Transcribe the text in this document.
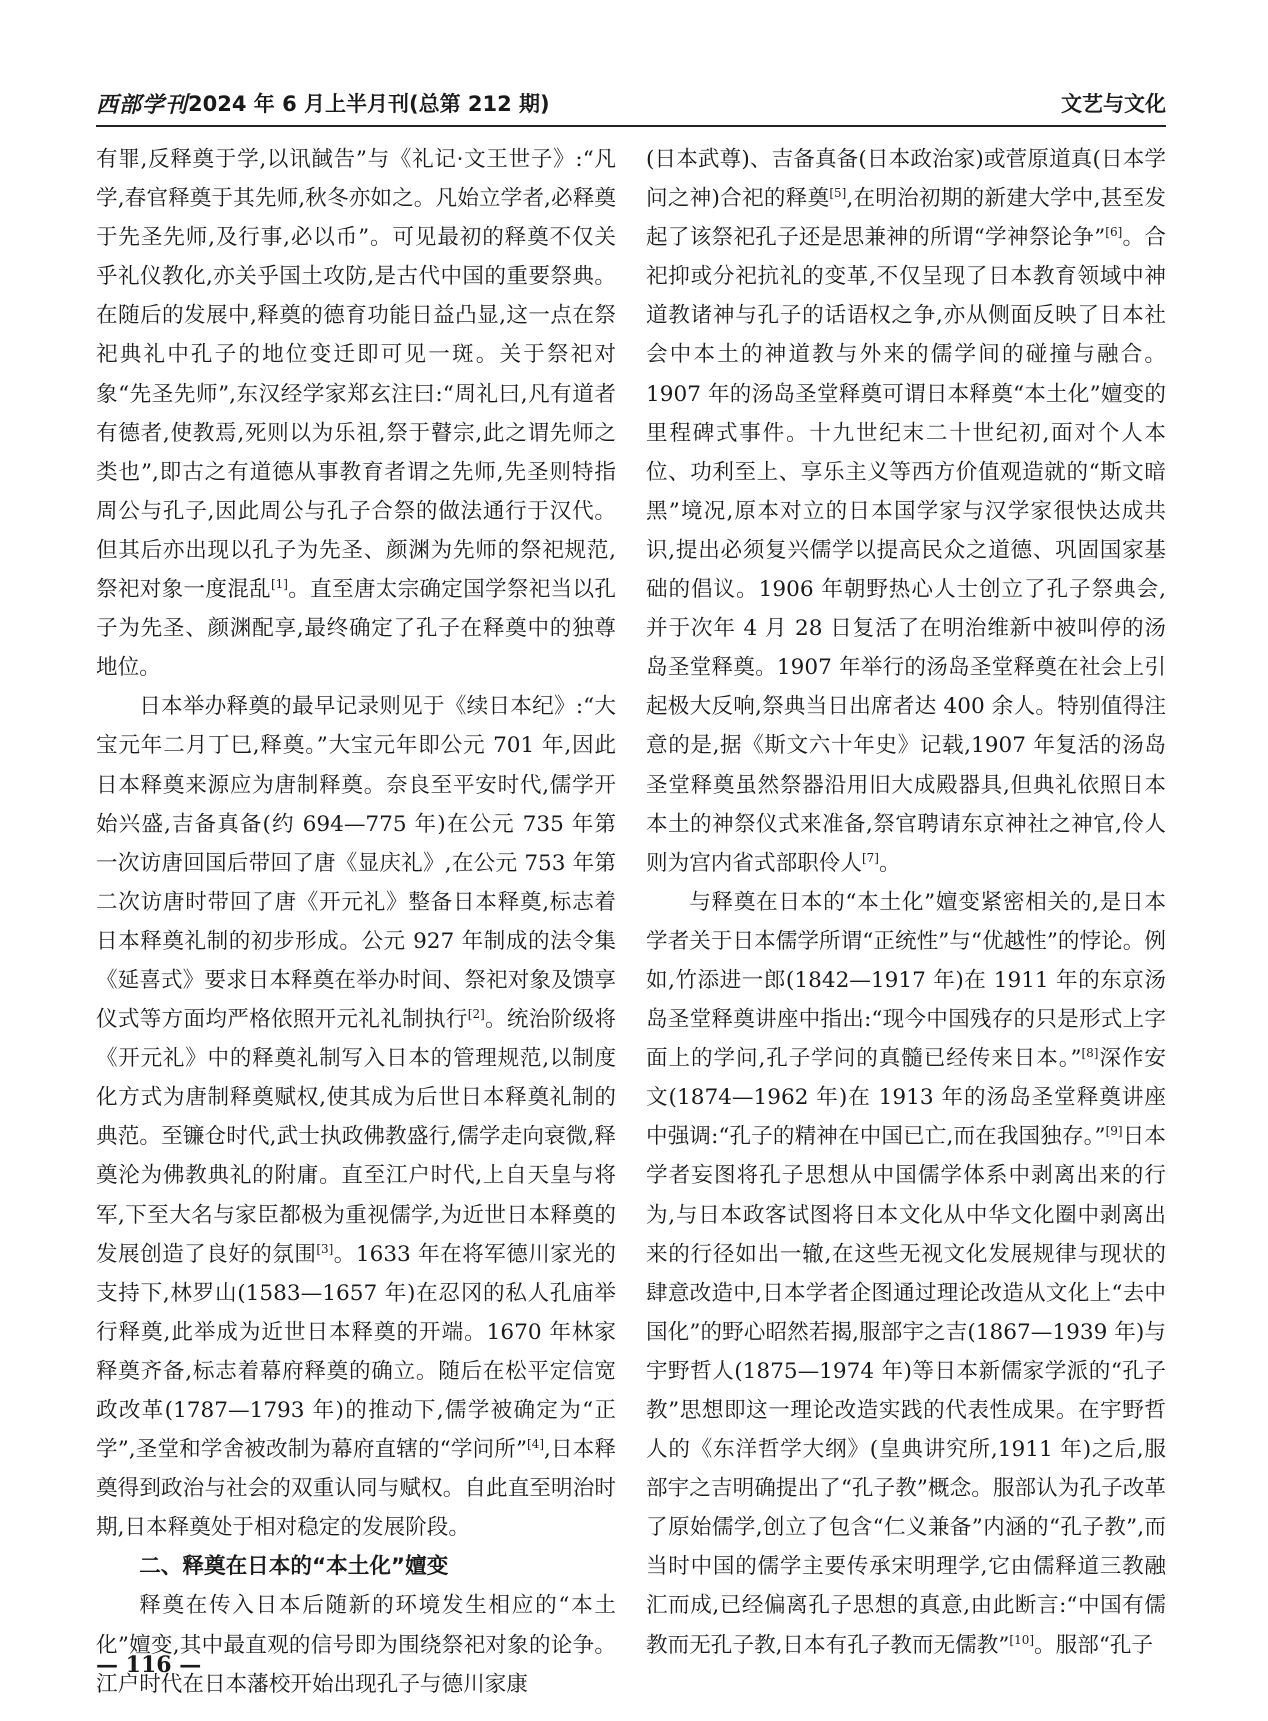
西部学刊 2024 年 6 月上半月刊(总第 212 期)	文艺与文化

有罪,反释奠于学,以讯馘告”与《礼记·文王世子》:“凡学,春官释奠于其先师,秋冬亦如之。凡始立学者,必释奠于先圣先师,及行事,必以币”。可见最初的释奠不仅关乎礼仪教化,亦关乎国土攻防,是古代中国的重要祭典。在随后的发展中,释奠的德育功能日益凸显,这一点在祭祀典礼中孔子的地位变迁即可见一斑。关于祭祀对象“先圣先师”,东汉经学家郑玄注曰:“周礼曰,凡有道者有德者,使教焉,死则以为乐祖,祭于瞽宗,此之谓先师之类也”,即古之有道德从事教育者谓之先师,先圣则特指周公与孔子,因此周公与孔子合祭的做法通行于汉代。但其后亦出现以孔子为先圣、颜渊为先师的祭祀规范,祭祀对象一度混乱[1]。直至唐太宗确定国学祭祀当以孔子为先圣、颜渊配享,最终确定了孔子在释奠中的独尊地位。

日本举办释奠的最早记录则见于《续日本纪》:“大宝元年二月丁巳,释奠。”大宝元年即公元 701 年,因此日本释奠来源应为唐制释奠。奈良至平安时代,儒学开始兴盛,吉备真备(约 694—775 年)在公元 735 年第一次访唐回国后带回了唐《显庆礼》,在公元 753 年第二次访唐时带回了唐《开元礼》整备日本释奠,标志着日本释奠礼制的初步形成。公元 927 年制成的法令集《延喜式》要求日本释奠在举办时间、祭祀对象及馈享仪式等方面均严格依照开元礼礼制执行[2]。统治阶级将《开元礼》中的释奠礼制写入日本的管理规范,以制度化方式为唐制释奠赋权,使其成为后世日本释奠礼制的典范。至镰仓时代,武士执政佛教盛行,儒学走向衰微,释奠沦为佛教典礼的附庸。直至江户时代,上自天皇与将军,下至大名与家臣都极为重视儒学,为近世日本释奠的发展创造了良好的氛围[3]。1633 年在将军德川家光的支持下,林罗山(1583—1657 年)在忍冈的私人孔庙举行释奠,此举成为近世日本释奠的开端。1670 年林家释奠齐备,标志着幕府释奠的确立。随后在松平定信宽政改革(1787—1793 年)的推动下,儒学被确定为“正学”,圣堂和学舍被改制为幕府直辖的“学问所”[4],日本释奠得到政治与社会的双重认同与赋权。自此直至明治时期,日本释奠处于相对稳定的发展阶段。

二、释奠在日本的“本土化”嬗变

释奠在传入日本后随新的环境发生相应的“本土化”嬗变,其中最直观的信号即为围绕祭祀对象的论争。江户时代在日本藩校开始出现孔子与德川家康

(日本武尊)、吉备真备(日本政治家)或菅原道真(日本学问之神)合祀的释奠[5],在明治初期的新建大学中,甚至发起了该祭祀孔子还是思兼神的所谓“学神祭论争”[6]。合祀抑或分祀抗礼的变革,不仅呈现了日本教育领域中神道教诸神与孔子的话语权之争,亦从侧面反映了日本社会中本土的神道教与外来的儒学间的碰撞与融合。1907 年的汤岛圣堂释奠可谓日本释奠“本土化”嬗变的里程碑式事件。十九世纪末二十世纪初,面对个人本位、功利至上、享乐主义等西方价值观造就的“斯文暗黑”境况,原本对立的日本国学家与汉学家很快达成共识,提出必须复兴儒学以提高民众之道德、巩固国家基础的倡议。1906 年朝野热心人士创立了孔子祭典会,并于次年 4 月 28 日复活了在明治维新中被叫停的汤岛圣堂释奠。1907 年举行的汤岛圣堂释奠在社会上引起极大反响,祭典当日出席者达 400 余人。特别值得注意的是,据《斯文六十年史》记载,1907 年复活的汤岛圣堂释奠虽然祭器沿用旧大成殿器具,但典礼依照日本本土的神祭仪式来准备,祭官聘请东京神社之神官,伶人则为宫内省式部职伶人[7]。

与释奠在日本的“本土化”嬗变紧密相关的,是日本学者关于日本儒学所谓“正统性”与“优越性”的悖论。例如,竹添进一郎(1842—1917 年)在 1911 年的东京汤岛圣堂释奠讲座中指出:“现今中国残存的只是形式上字面上的学问,孔子学问的真髓已经传来日本。”[8]深作安文(1874—1962 年)在 1913 年的汤岛圣堂释奠讲座中强调:“孔子的精神在中国已亡,而在我国独存。”[9]日本学者妄图将孔子思想从中国儒学体系中剥离出来的行为,与日本政客试图将日本文化从中华文化圈中剥离出来的行径如出一辙,在这些无视文化发展规律与现状的肆意改造中,日本学者企图通过理论改造从文化上“去中国化”的野心昭然若揭,服部宇之吉(1867—1939 年)与宇野哲人(1875—1974 年)等日本新儒家学派的“孔子教”思想即这一理论改造实践的代表性成果。在宇野哲人的《东洋哲学大纲》(皇典讲究所,1911 年)之后,服部宇之吉明确提出了“孔子教”概念。服部认为孔子改革了原始儒学,创立了包含“仁义兼备”内涵的“孔子教”,而当时中国的儒学主要传承宋明理学,它由儒释道三教融汇而成,已经偏离孔子思想的真意,由此断言:“中国有儒教而无孔子教,日本有孔子教而无儒教”[10]。服部“孔子

— 116 —
